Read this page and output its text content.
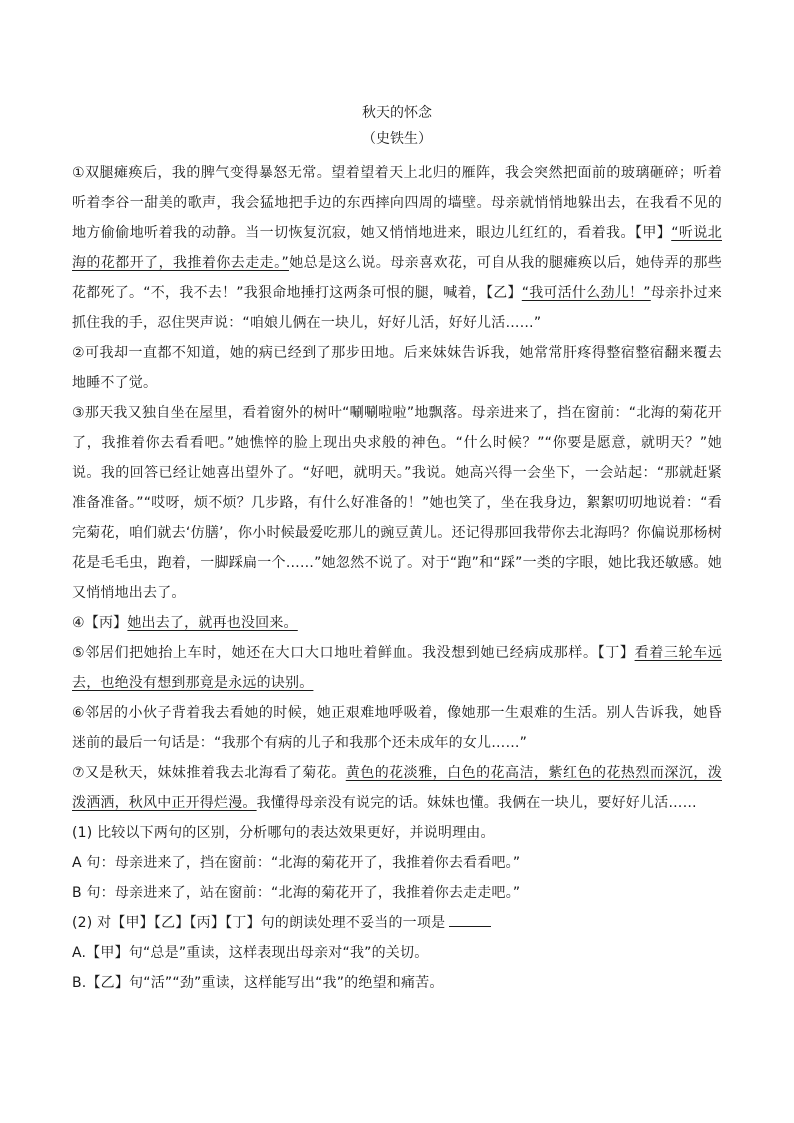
秋天的怀念

（史铁生）

①双腿瘫痪后，我的脾气变得暴怒无常。望着望着天上北归的雁阵，我会突然把面前的玻璃砸碎；听着听着李谷一甜美的歌声，我会猛地把手边的东西摔向四周的墙壁。母亲就悄悄地躲出去，在我看不见的地方偷偷地听着我的动静。当一切恢复沉寂，她又悄悄地进来，眼边儿红红的，看着我。【甲】“听说北海的花都开了，我推着你去走走。”她总是这么说。母亲喜欢花，可自从我的腿瘫痪以后，她侍弄的那些花都死了。“不，我不去！”我狠命地捶打这两条可恨的腿，喊着，【乙】“我可活什么劲儿！”母亲扑过来抓住我的手，忍住哭声说：“咱娘儿俩在一块儿，好好儿活，好好儿活……”

②可我却一直都不知道，她的病已经到了那步田地。后来妹妹告诉我，她常常肝疼得整宿整宿翻来覆去地睡不了觉。

③那天我又独自坐在屋里，看着窗外的树叶“唰唰啦啦”地飘落。母亲进来了，挡在窗前：“北海的菊花开了，我推着你去看看吧。”她憔悴的脸上现出央求般的神色。“什么时候？”“你要是愿意，就明天？”她说。我的回答已经让她喜出望外了。“好吧，就明天。”我说。她高兴得一会坐下，一会站起：“那就赶紧准备准备。”“哎呀，烦不烦？几步路，有什么好准备的！”她也笑了，坐在我身边，絮絮叨叨地说着：“看完菊花，咱们就去‘仿膳’，你小时候最爱吃那儿的豌豆黄儿。还记得那回我带你去北海吗？你偏说那杨树花是毛毛虫，跑着，一脚踩扁一个……”她忽然不说了。对于“跑”和“踩”一类的字眼，她比我还敏感。她又悄悄地出去了。

④【丙】她出去了，就再也没回来。

⑤邻居们把她抬上车时，她还在大口大口地吐着鲜血。我没想到她已经病成那样。【丁】看着三轮车远去，也绝没有想到那竟是永远的诀别。

⑥邻居的小伙子背着我去看她的时候，她正艰难地呼吸着，像她那一生艰难的生活。别人告诉我，她昏迷前的最后一句话是：“我那个有病的儿子和我那个还未成年的女儿……”

⑦又是秋天，妹妹推着我去北海看了菊花。黄色的花淡雅，白色的花高洁，紫红色的花热烈而深沉，泼泼洒洒，秋风中正开得烂漫。我懂得母亲没有说完的话。妹妹也懂。我俩在一块儿，要好好儿活……

(1) 比较以下两句的区别，分析哪句的表达效果更好，并说明理由。

A 句：母亲进来了，挡在窗前：“北海的菊花开了，我推着你去看看吧。”

B 句：母亲进来了，站在窗前：“北海的菊花开了，我推着你去走走吧。”

(2) 对【甲】【乙】【丙】【丁】句的朗读处理不妥当的一项是

A.【甲】句“总是”重读，这样表现出母亲对“我”的关切。

B.【乙】句“活”“劲”重读，这样能写出“我”的绝望和痛苦。
